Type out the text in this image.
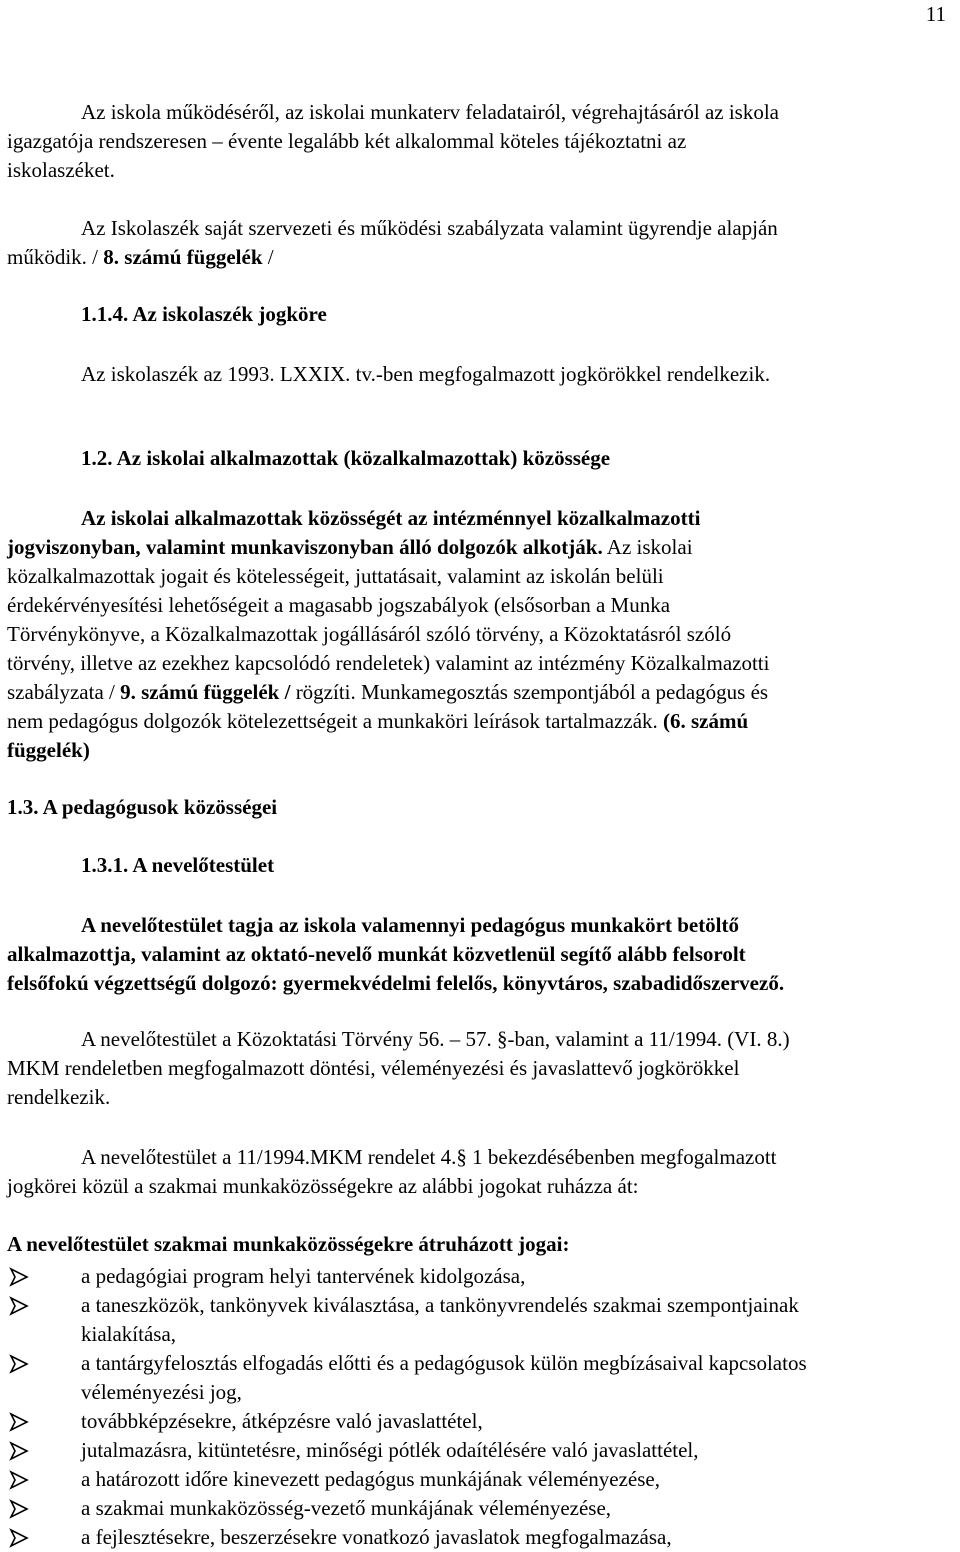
11
Az iskola működéséről, az iskolai munkaterv feladatairól, végrehajtásáról az iskola
igazgatója rendszeresen – évente legalább két alkalommal köteles tájékoztatni az
iskolaszéket.
Az Iskolaszék saját szervezeti és működési szabályzata valamint ügyrendje alapján
működik. / 8. számú függelék /
1.1.4. Az iskolaszék jogköre
Az iskolaszék az 1993. LXXIX. tv.-ben megfogalmazott jogkörökkel rendelkezik.
1.2. Az iskolai alkalmazottak (közalkalmazottak) közössége
Az iskolai alkalmazottak közösségét az intézménnyel közalkalmazotti
jogviszonyban, valamint munkaviszonyban álló dolgozók alkotják. Az iskolai
közalkalmazottak jogait és kötelességeit, juttatásait, valamint az iskolán belüli
érdekérvényesítési lehetőségeit a magasabb jogszabályok (elsősorban a Munka
Törvénykönyve, a Közalkalmazottak jogállásáról szóló törvény, a Közoktatásról szóló
törvény, illetve az ezekhez kapcsolódó rendeletek) valamint az intézmény Közalkalmazotti
szabályzata / 9. számú függelék / rögzíti. Munkamegosztás szempontjából a pedagógus és
nem pedagógus dolgozók kötelezettségeit a munkaköri leírások tartalmazzák. (6. számú
függelék)
1.3. A pedagógusok közösségei
1.3.1. A nevelőtestület
A nevelőtestület tagja az iskola valamennyi pedagógus munkakört betöltő
alkalmazottja, valamint az oktató-nevelő munkát közvetlenül segítő alább felsorolt
felsőfokú végzettségű dolgozó: gyermekvédelmi felelős, könyvtáros, szabadidőszervező.
A nevelőtestület a Közoktatási Törvény 56. – 57. §-ban, valamint a 11/1994. (VI. 8.)
MKM rendeletben megfogalmazott döntési, véleményezési és javaslattevő jogkörökkel
rendelkezik.
A nevelőtestület a 11/1994.MKM rendelet 4.§ 1 bekezdésébenben megfogalmazott
jogkörei közül a szakmai munkaközösségekre az alábbi jogokat ruházza át:
A nevelőtestület szakmai munkaközösségekre átruházott jogai:
a pedagógiai program helyi tantervének kidolgozása,
a taneszközök, tankönyvek kiválasztása, a tankönyvrendelés szakmai szempontjainak
kialakítása,
a tantárgyfelosztás elfogadás előtti és a pedagógusok külön megbízásaival kapcsolatos
véleményezési jog,
továbbképzésekre, átképzésre való javaslattétel,
jutalmazásra, kitüntetésre, minőségi pótlék odaítélésére való javaslattétel,
a határozott időre kinevezett pedagógus munkájának véleményezése,
a szakmai munkaközösség-vezető munkájának véleményezése,
a fejlesztésekre, beszerzésekre vonatkozó javaslatok megfogalmazása,
